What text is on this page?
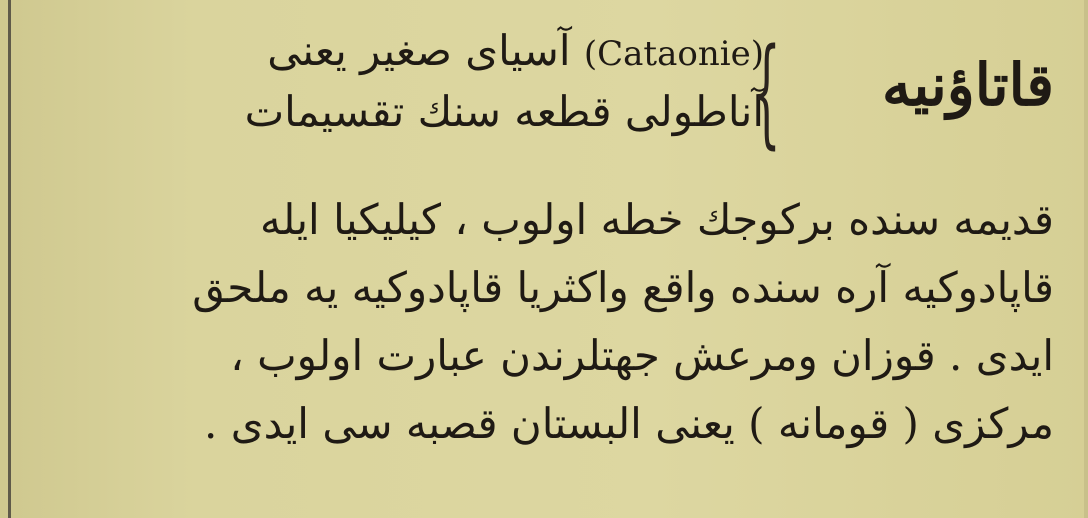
(Cataonie) آسیای صغیر یعنی
آناطولی قطعه سنك تقسیمات
{ قاتاؤنيه
قدیمه سنده برکوجك خطه اولوب ، کیلیکیا ایله
قاپادوکیه آره سنده واقع واکثریا قاپادوکیه یه ملحق
ایدی . قوزان ومرعش جهتلرندن عبارت اولوب ،
مرکزی ( قومانه ) یعنی البستان قصبه سی ایدی .
